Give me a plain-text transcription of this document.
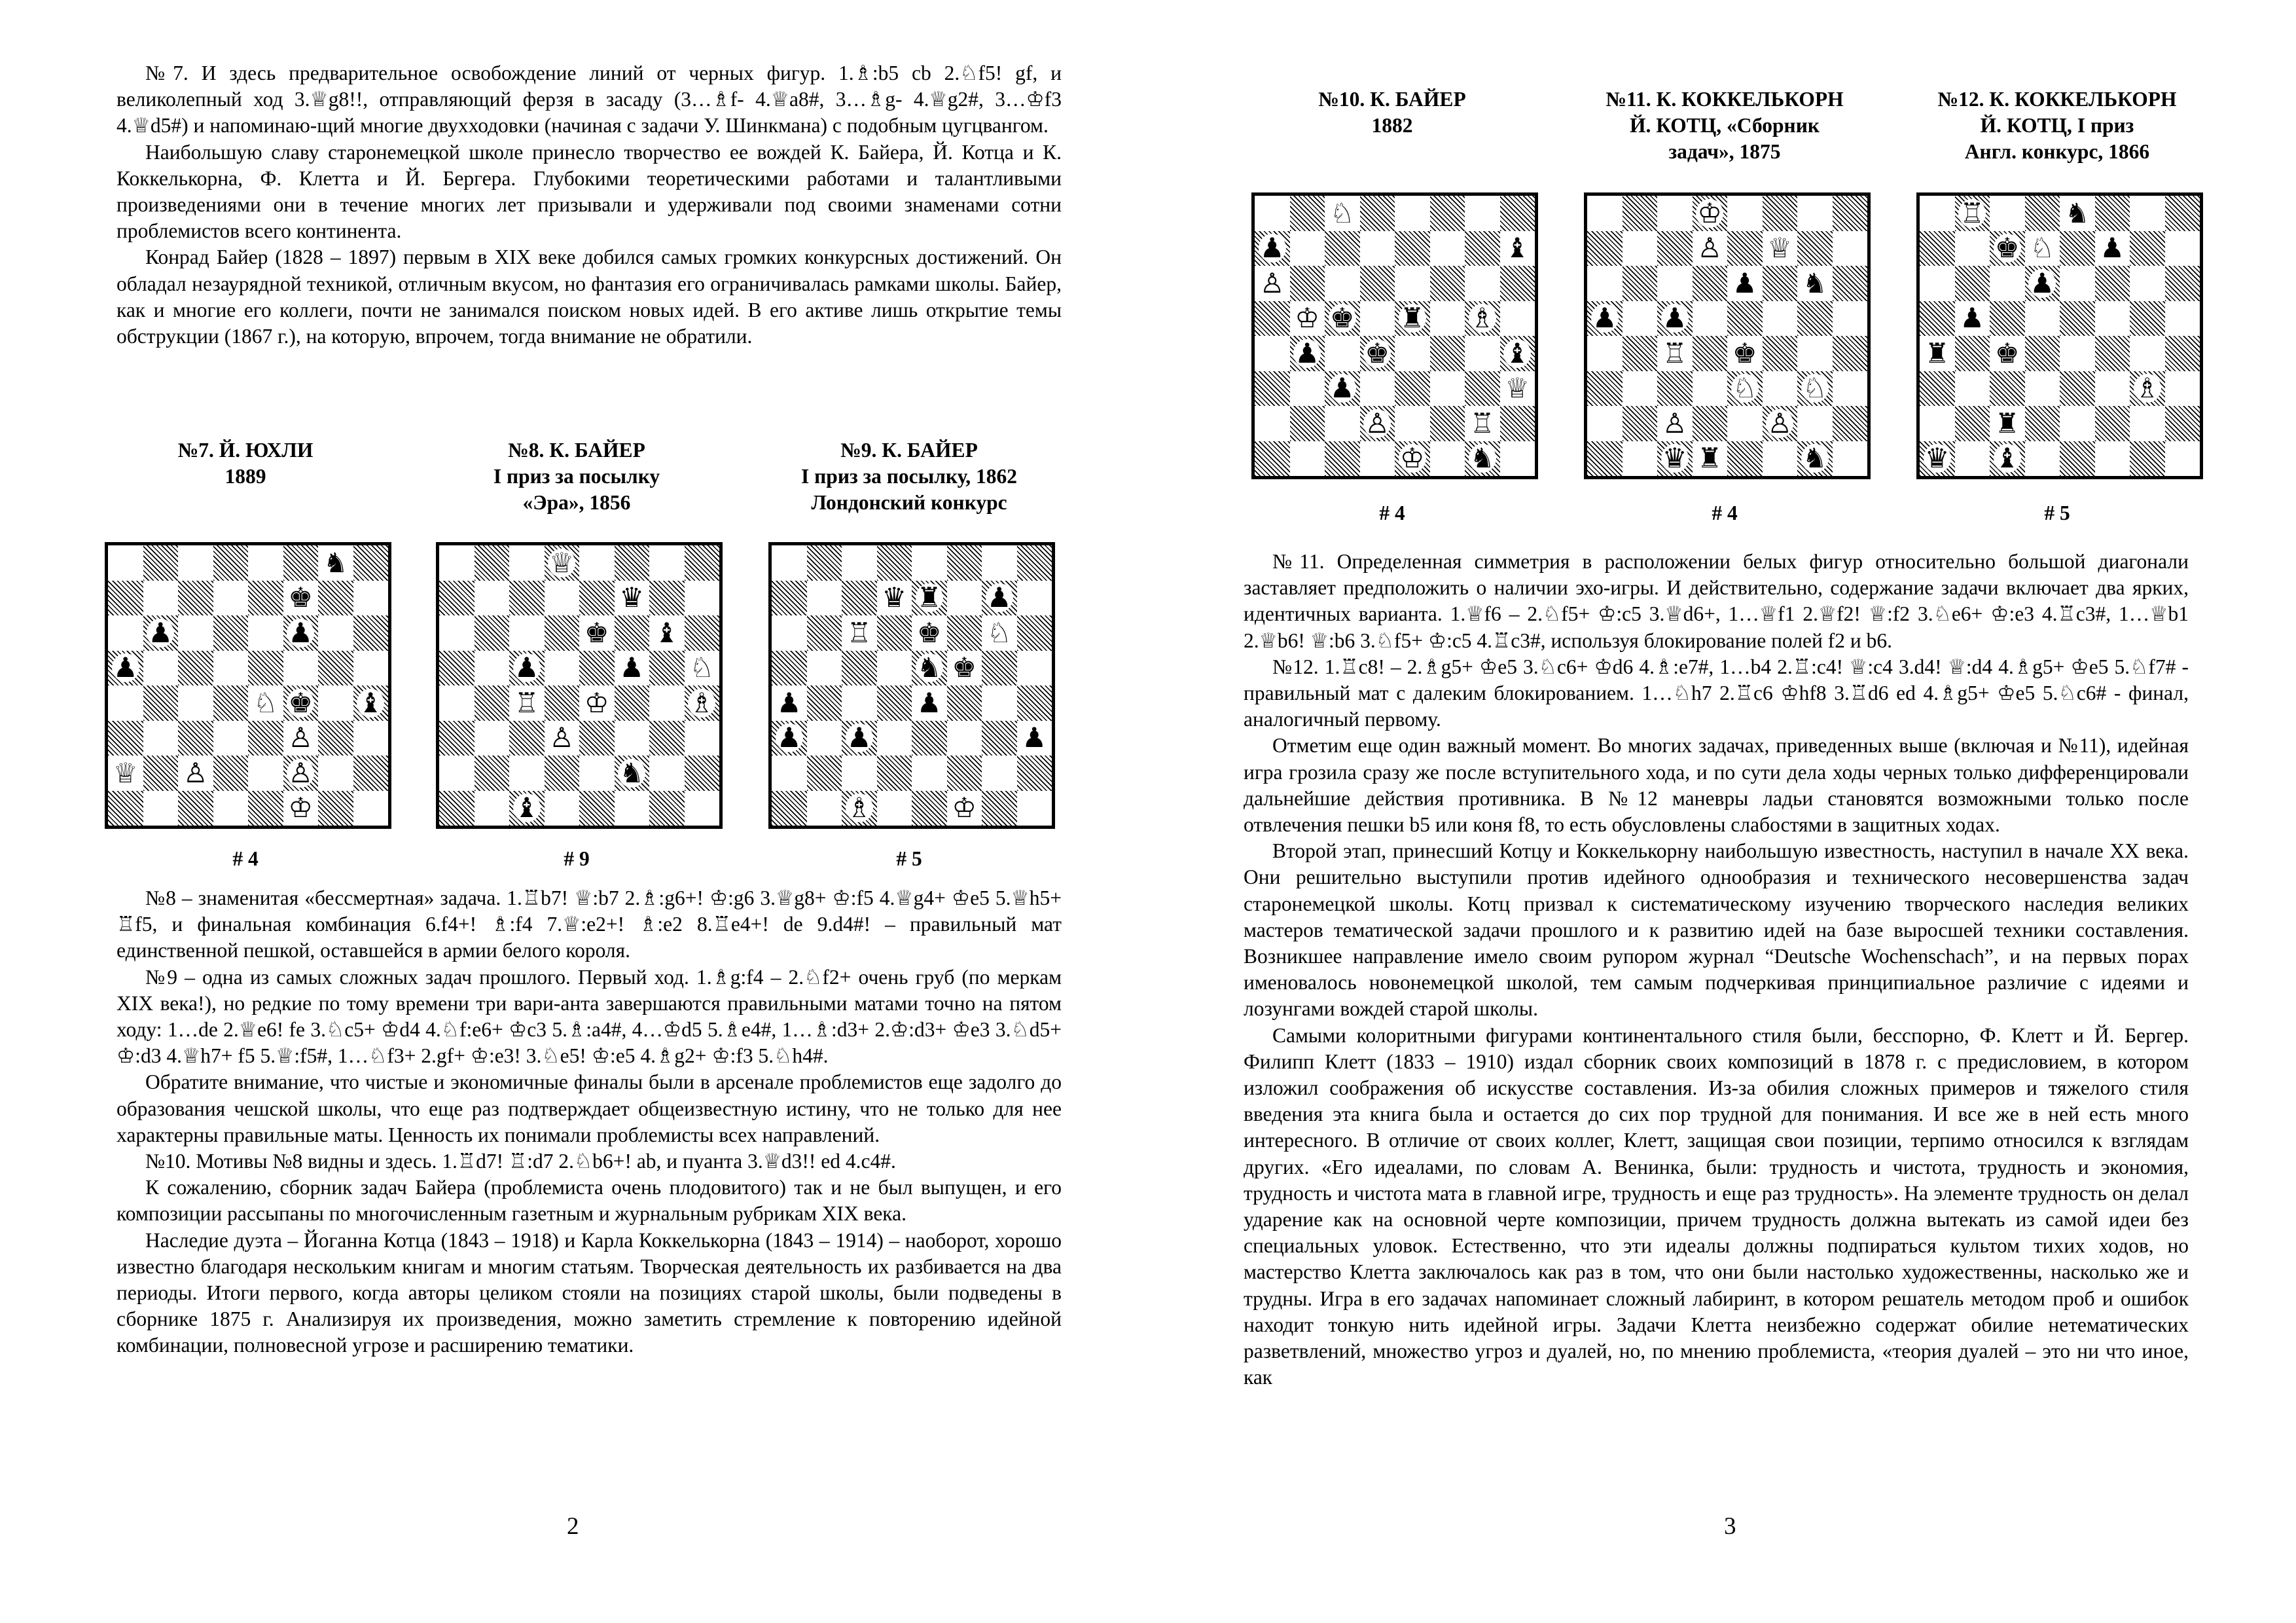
№7. И здесь предварительное освобождение линий от черных фигур. 1.♗:b5 cb 2.♘f5! gf, и великолепный ход 3.♕g8!!, отправляющий ферзя в засаду (3…♗f- 4.♕a8#, 3…♗g- 4.♕g2#, 3…♔f3 4.♕d5#) и напоминаю-щий многие двухходовки (начиная с задачи У. Шинкмана) с подобным цугцвангом.

Наибольшую славу старонемецкой школе принесло творчество ее вождей К. Байера, Й. Котца и К. Коккелькорна, Ф. Клетта и Й. Бергера. Глубокими теоретическими работами и талантливыми произведениями они в течение многих лет призывали и удерживали под своими знаменами сотни проблемистов всего континента.

Конрад Байер (1828 – 1897) первым в XIX веке добился самых громких конкурсных достижений. Он обладал незаурядной техникой, отличным вкусом, но фантазия его ограничивалась рамками школы. Байер, как и многие его коллеги, почти не занимался поиском новых идей. В его активе лишь открытие темы обструкции (1867 г.), на которую, впрочем, тогда внимание не обратили.

№7. Й. ЮХЛИ
1889
♞
♚
♟	♟
♟
♘ ♚ ♝
♙
♕ ♙	♙
♔
# 4
№8. К. БАЙЕР
I приз за посылку
«Эра», 1856
♕
♛
♚ ♝
♟	♟ ♘
♖ ♔	♗
♙
♞
♝
# 9
№9. К. БАЙЕР
I приз за посылку, 1862
Лондонский конкурс
♛ ♜ ♟
♖ ♚ ♘
♞ ♚
♟	♟
♟ ♟	♟
♗	♔
# 5

№8 – знаменитая «бессмертная» задача. 1.♖b7! ♕:b7 2.♗:g6+! ♔:g6 3.♕g8+ ♔:f5 4.♕g4+ ♔e5 5.♕h5+ ♖f5, и финальная комбинация 6.f4+! ♗:f4 7.♕:e2+! ♗:e2 8.♖e4+! de 9.d4#! – правильный мат единственной пешкой, оставшейся в армии белого короля.

№9 – одна из самых сложных задач прошлого. Первый ход. 1.♗g:f4 – 2.♘f2+ очень груб (по меркам XIX века!), но редкие по тому времени три вари-анта завершаются правильными матами точно на пятом ходу: 1…de 2.♕e6! fe 3.♘c5+ ♔d4 4.♘f:e6+ ♔c3 5.♗:a4#, 4…♔d5 5.♗e4#, 1…♗:d3+ 2.♔:d3+ ♔e3 3.♘d5+ ♔:d3 4.♕h7+ f5 5.♕:f5#, 1…♘f3+ 2.gf+ ♔:e3! 3.♘e5! ♔:e5 4.♗g2+ ♔:f3 5.♘h4#.

Обратите внимание, что чистые и экономичные финалы были в арсенале проблемистов еще задолго до образования чешской школы, что еще раз подтверждает общеизвестную истину, что не только для нее характерны правильные маты. Ценность их понимали проблемисты всех направлений.

№10. Мотивы №8 видны и здесь. 1.♖d7! ♖:d7 2.♘b6+! ab, и пуанта 3.♕d3!! ed 4.c4#.

К сожалению, сборник задач Байера (проблемиста очень плодовитого) так и не был выпущен, и его композиции рассыпаны по многочисленным газетным и журнальным рубрикам XIX века.

Наследие дуэта – Йоганна Котца (1843 – 1918) и Карла Коккелькорна (1843 – 1914) – наоборот, хорошо известно благодаря нескольким книгам и многим статьям. Творческая деятельность их разбивается на два периоды. Итоги первого, когда авторы целиком стояли на позициях старой школы, были подведены в сборнике 1875 г. Анализируя их произведения, можно заметить стремление к повторению идейной комбинации, полновесной угрозе и расширению тематики.

2
№10. К. БАЙЕР
1882
♘
♟	♝
♙
♔ ♚ ♜ ♗
♟ ♚	♝
♟	♕
♙	♖
♔ ♞
# 4
№11. К. КОККЕЛЬКОРН
Й. КОТЦ, «Сборник
задач», 1875
♔
♙ ♕
♟ ♞
♟ ♟
♖ ♚
♘ ♘
♙	♙
♛ ♜	♞
# 4
№12. К. КОККЕЛЬКОРН
Й. КОТЦ, I приз
Англ. конкурс, 1866
♖	♞
♚ ♘ ♟
♟
♟
♜ ♚
♗
♜
♛ ♝
# 5

№11. Определенная симметрия в расположении белых фигур относительно большой диагонали заставляет предположить о наличии эхо-игры. И действительно, содержание задачи включает два ярких, идентичных варианта. 1.♕f6 – 2.♘f5+ ♔:c5 3.♕d6+, 1…♕f1 2.♕f2! ♕:f2 3.♘e6+ ♔:e3 4.♖c3#, 1…♕b1 2.♕b6! ♕:b6 3.♘f5+ ♔:c5 4.♖c3#, используя блокирование полей f2 и b6.

№12. 1.♖c8! – 2.♗g5+ ♔e5 3.♘c6+ ♔d6 4.♗:e7#, 1…b4 2.♖:c4! ♕:c4 3.d4! ♕:d4 4.♗g5+ ♔e5 5.♘f7# - правильный мат с далеким блокированием. 1…♘h7 2.♖c6 ♔hf8 3.♖d6 ed 4.♗g5+ ♔e5 5.♘c6# - финал, аналогичный первому.

Отметим еще один важный момент. Во многих задачах, приведенных выше (включая и №11), идейная игра грозила сразу же после вступительного хода, и по сути дела ходы черных только дифференцировали дальнейшие действия противника. В №12 маневры ладьи становятся возможными только после отвлечения пешки b5 или коня f8, то есть обусловлены слабостями в защитных ходах.

Второй этап, принесший Котцу и Коккелькорну наибольшую известность, наступил в начале XX века. Они решительно выступили против идейного однообразия и технического несовершенства задач старонемецкой школы. Котц призвал к систематическому изучению творческого наследия великих мастеров тематической задачи прошлого и к развитию идей на базе выросшей техники составления. Возникшее направление имело своим рупором журнал “Deutsche Wochenschach”, и на первых порах именовалось новонемецкой школой, тем самым подчеркивая принципиальное различие с идеями и лозунгами вождей старой школы.

Самыми колоритными фигурами континентального стиля были, бесспорно, Ф. Клетт и Й. Бергер. Филипп Клетт (1833 – 1910) издал сборник своих композиций в 1878 г. с предисловием, в котором изложил соображения об искусстве составления. Из-за обилия сложных примеров и тяжелого стиля введения эта книга была и остается до сих пор трудной для понимания. И все же в ней есть много интересного. В отличие от своих коллег, Клетт, защищая свои позиции, терпимо относился к взглядам других. «Его идеалами, по словам А. Венинка, были: трудность и чистота, трудность и экономия, трудность и чистота мата в главной игре, трудность и еще раз трудность». На элементе трудность он делал ударение как на основной черте композиции, причем трудность должна вытекать из самой идеи без специальных уловок. Естественно, что эти идеалы должны подпираться культом тихих ходов, но мастерство Клетта заключалось как раз в том, что они были настолько художественны, насколько же и трудны. Игра в его задачах напоминает сложный лабиринт, в котором решатель методом проб и ошибок находит тонкую нить идейной игры. Задачи Клетта неизбежно содержат обилие нетематических разветвлений, множество угроз и дуалей, но, по мнению проблемиста, «теория дуалей – это ни что иное, как

3
